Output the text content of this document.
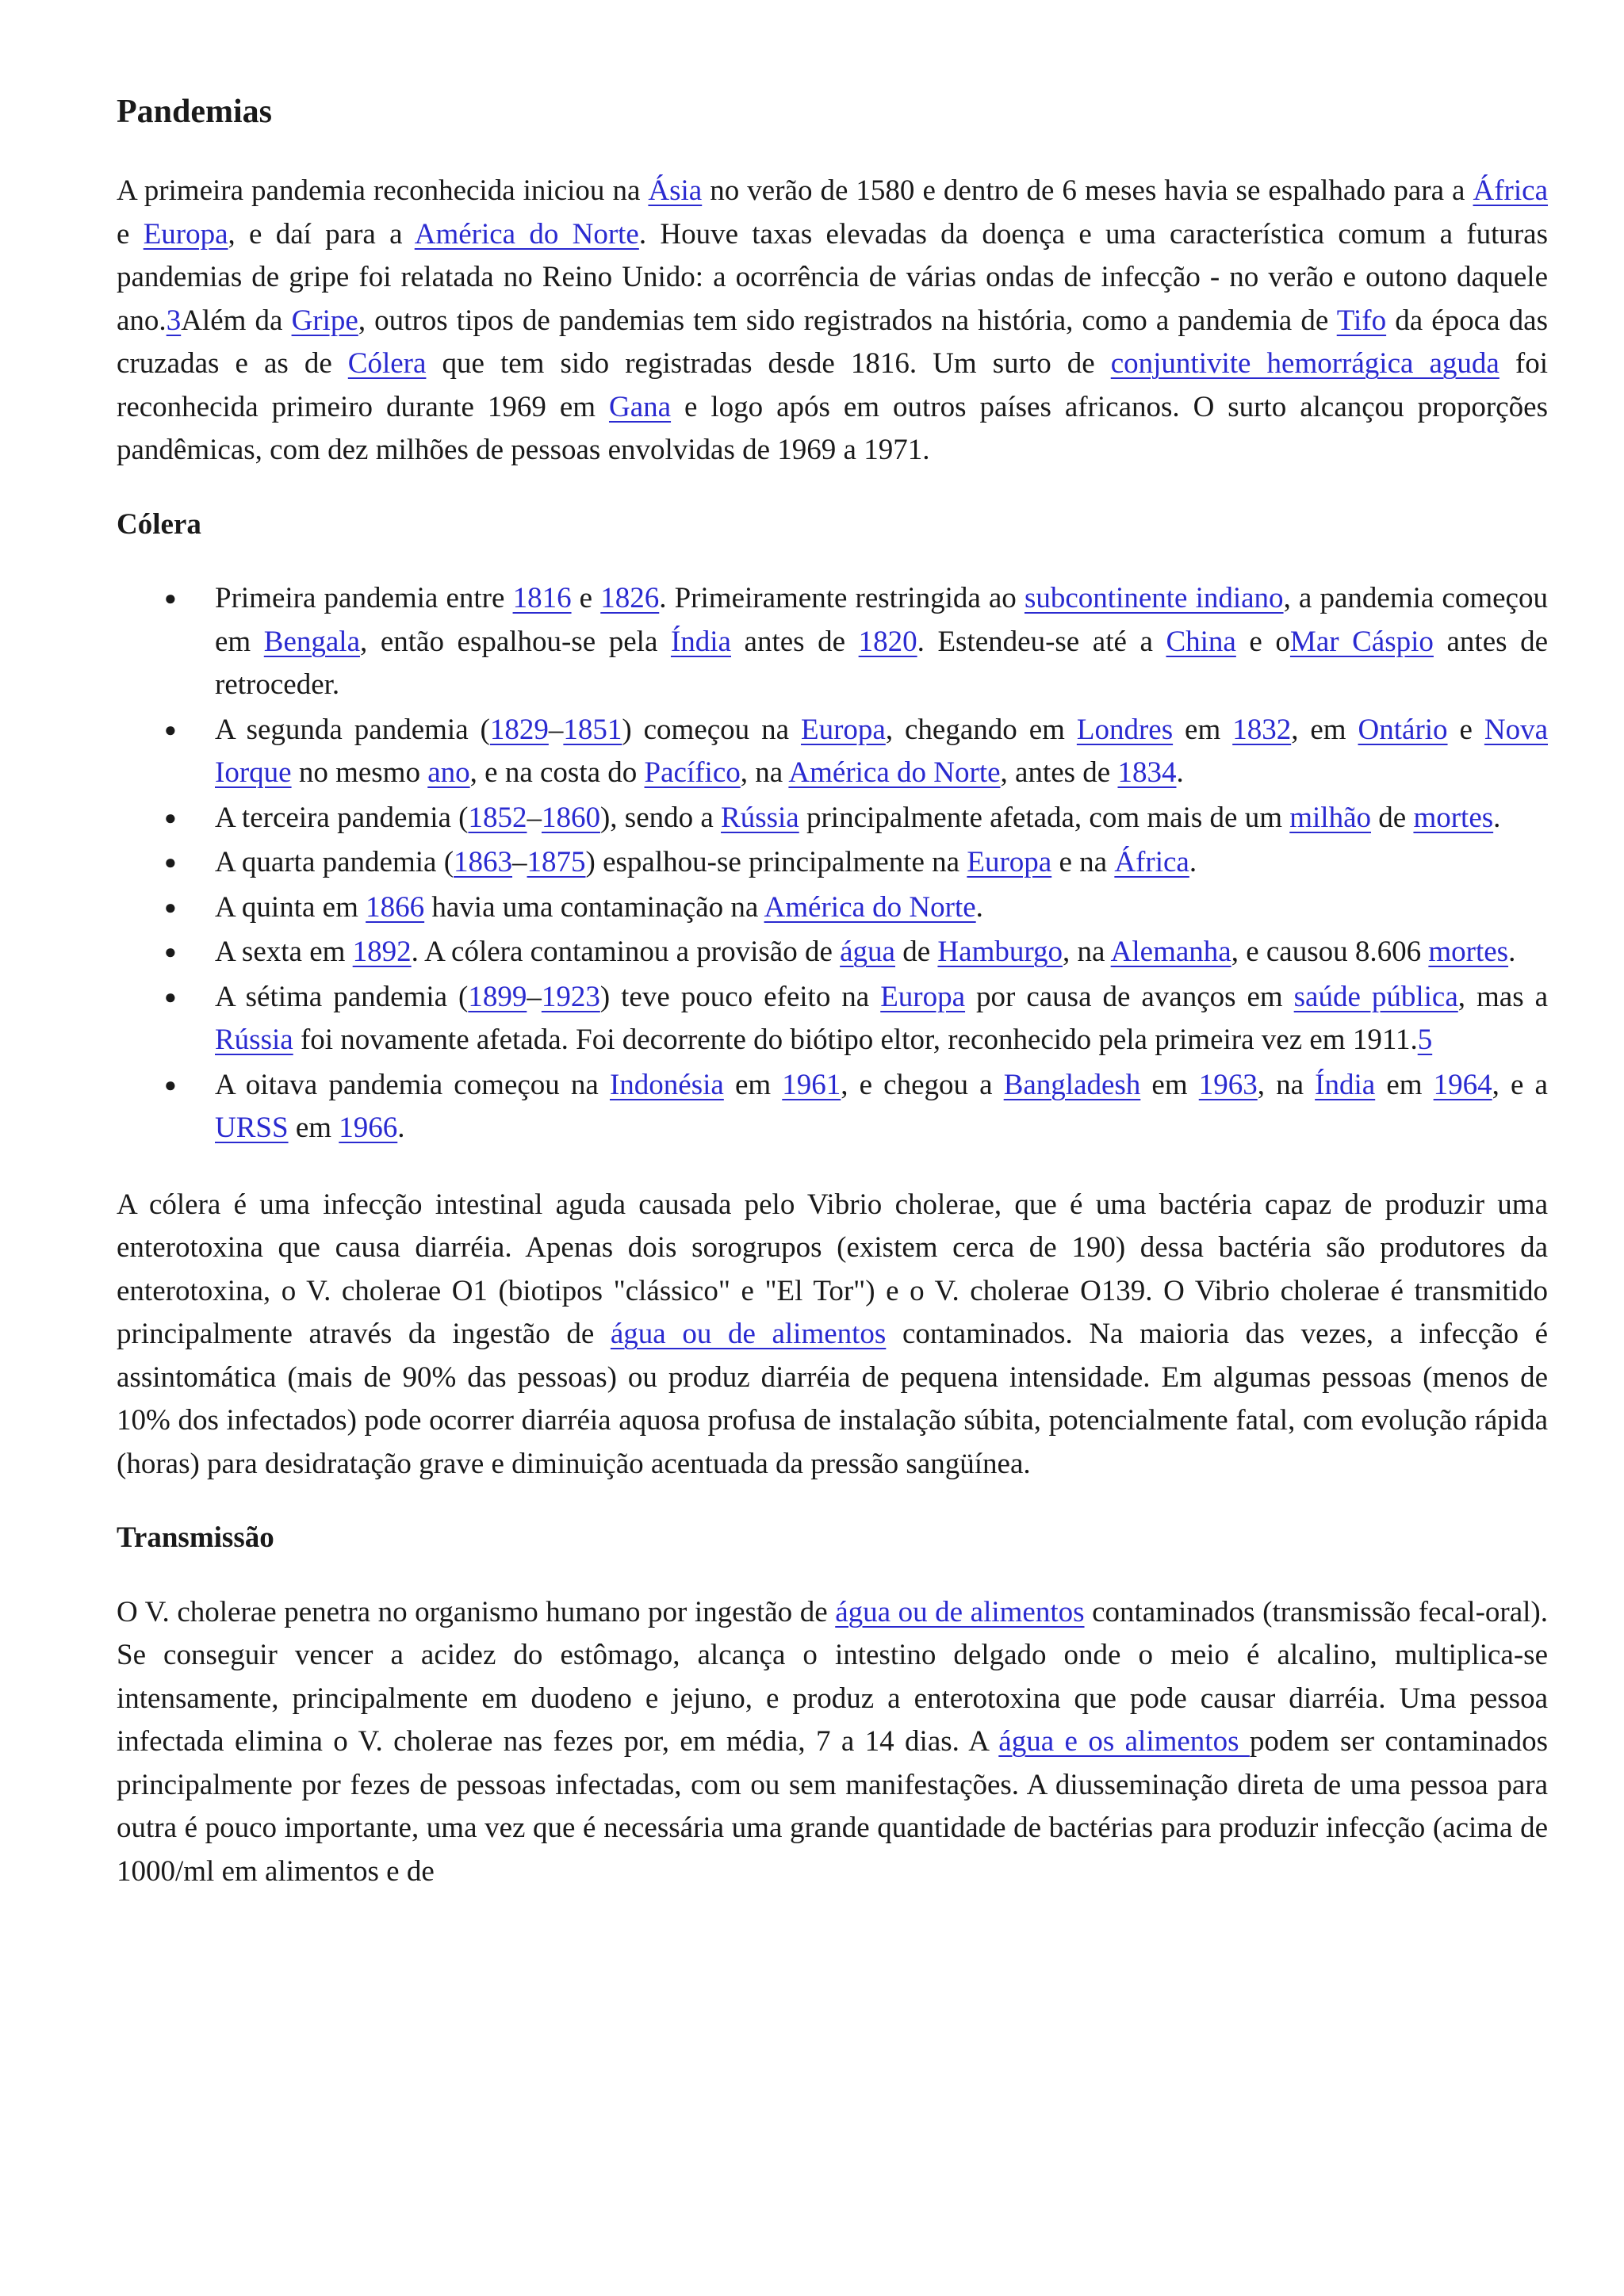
Pandemias

A primeira pandemia reconhecida iniciou na Ásia no verão de 1580 e dentro de 6 meses havia se espalhado para a África e Europa, e daí para a América do Norte. Houve taxas elevadas da doença e uma característica comum a futuras pandemias de gripe foi relatada no Reino Unido: a ocorrência de várias ondas de infecção - no verão e outono daquele ano.3Além da Gripe, outros tipos de pandemias tem sido registrados na história, como a pandemia de Tifo da época das cruzadas e as de Cólera que tem sido registradas desde 1816. Um surto de conjuntivite hemorrágica aguda foi reconhecida primeiro durante 1969 em Gana e logo após em outros países africanos. O surto alcançou proporções pandêmicas, com dez milhões de pessoas envolvidas de 1969 a 1971.

Cólera
● Primeira pandemia entre 1816 e 1826. Primeiramente restringida ao subcontinente indiano, a pandemia começou em Bengala, então espalhou-se pela Índia antes de 1820. Estendeu-se até a China e oMar Cáspio antes de retroceder.
● A segunda pandemia (1829–1851) começou na Europa, chegando em Londres em 1832, em Ontário e Nova Iorque no mesmo ano, e na costa do Pacífico, na América do Norte, antes de 1834.
● A terceira pandemia (1852–1860), sendo a Rússia principalmente afetada, com mais de um milhão de mortes.
● A quarta pandemia (1863–1875) espalhou-se principalmente na Europa e na África.
● A quinta em 1866 havia uma contaminação na América do Norte.
● A sexta em 1892. A cólera contaminou a provisão de água de Hamburgo, na Alemanha, e causou 8.606 mortes.
● A sétima pandemia (1899–1923) teve pouco efeito na Europa por causa de avanços em saúde pública, mas a Rússia foi novamente afetada. Foi decorrente do biótipo eltor, reconhecido pela primeira vez em 1911.5
● A oitava pandemia começou na Indonésia em 1961, e chegou a Bangladesh em 1963, na Índia em 1964, e a URSS em 1966.

A cólera é uma infecção intestinal aguda causada pelo Vibrio cholerae, que é uma bactéria capaz de produzir uma enterotoxina que causa diarréia. Apenas dois sorogrupos (existem cerca de 190) dessa bactéria são produtores da enterotoxina, o V. cholerae O1 (biotipos "clássico" e "El Tor") e o V. cholerae O139. O Vibrio cholerae é transmitido principalmente através da ingestão de água ou de alimentos contaminados. Na maioria das vezes, a infecção é assintomática (mais de 90% das pessoas) ou produz diarréia de pequena intensidade. Em algumas pessoas (menos de 10% dos infectados) pode ocorrer diarréia aquosa profusa de instalação súbita, potencialmente fatal, com evolução rápida (horas) para desidratação grave e diminuição acentuada da pressão sangüínea.

Transmissão

O V. cholerae penetra no organismo humano por ingestão de água ou de alimentos contaminados (transmissão fecal-oral). Se conseguir vencer a acidez do estômago, alcança o intestino delgado onde o meio é alcalino, multiplica-se intensamente, principalmente em duodeno e jejuno, e produz a enterotoxina que pode causar diarréia. Uma pessoa infectada elimina o V. cholerae nas fezes por, em média, 7 a 14 dias. A água e os alimentos podem ser contaminados principalmente por fezes de pessoas infectadas, com ou sem manifestações. A diusseminação direta de uma pessoa para outra é pouco importante, uma vez que é necessária uma grande quantidade de bactérias para produzir infecção (acima de 1000/ml em alimentos e de
